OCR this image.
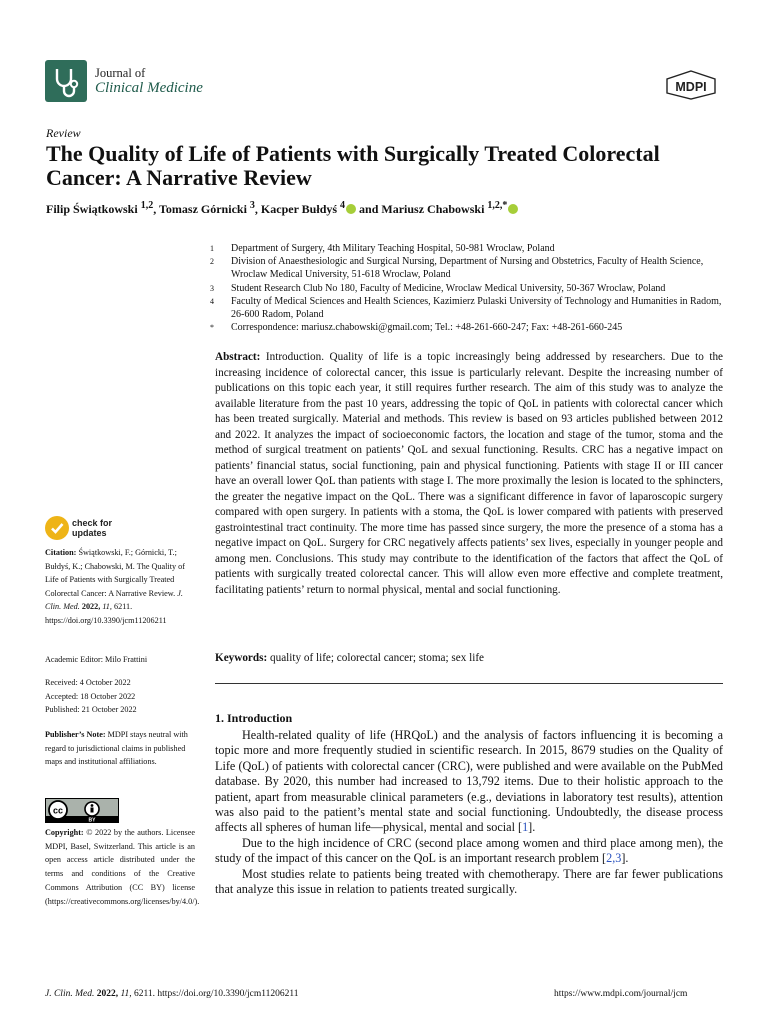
Journal of
Clinical Medicine	MDPI
Review
The Quality of Life of Patients with Surgically Treated Colorectal Cancer: A Narrative Review
Filip Świątkowski $^{1,2}$, Tomasz Górnicki $^3$, Kacper Bułdyś $^4$ and Mariusz Chabowski $^{1,2,*}$
1	Department of Surgery, 4th Military Teaching Hospital, 50-981 Wroclaw, Poland
2	Division of Anaesthesiologic and Surgical Nursing, Department of Nursing and Obstetrics, Faculty of Health Science, Wroclaw Medical University, 51-618 Wroclaw, Poland
3	Student Research Club No 180, Faculty of Medicine, Wroclaw Medical University, 50-367 Wroclaw, Poland
4	Faculty of Medical Sciences and Health Sciences, Kazimierz Pulaski University of Technology and Humanities in Radom, 26-600 Radom, Poland
*	Correspondence: mariusz.chabowski@gmail.com; Tel.: +48-261-660-247; Fax: +48-261-660-245
Abstract: Introduction. Quality of life is a topic increasingly being addressed by researchers. Due to the increasing incidence of colorectal cancer, this issue is particularly relevant. Despite the increasing number of publications on this topic each year, it still requires further research. The aim of this study was to analyze the available literature from the past 10 years, addressing the topic of QoL in patients with colorectal cancer which has been treated surgically. Material and methods. This review is based on 93 articles published between 2012 and 2022. It analyzes the impact of socioeconomic factors, the location and stage of the tumor, stoma and the method of surgical treatment on patients’ QoL and sexual functioning. Results. CRC has a negative impact on patients’ financial status, social functioning, pain and physical functioning. Patients with stage II or III cancer have an overall lower QoL than patients with stage I. The more proximally the lesion is located to the sphincters, the greater the negative impact on the QoL. There was a significant difference in favor of laparoscopic surgery compared with open surgery. In patients with a stoma, the QoL is lower compared with patients with preserved gastrointestinal tract continuity. The more time has passed since surgery, the more the presence of a stoma has a negative impact on QoL. Surgery for CRC negatively affects patients’ sex lives, especially in younger people and among men. Conclusions. This study may contribute to the identification of the factors that affect the QoL of patients with surgically treated colorectal cancer. This will allow even more effective and complete treatment, facilitating patients’ return to normal physical, mental and social functioning.
Keywords: quality of life; colorectal cancer; stoma; sex life
1. Introduction

Health-related quality of life (HRQoL) and the analysis of factors influencing it is becoming a topic more and more frequently studied in scientific research. In 2015, 8679 studies on the Quality of Life (QoL) of patients with colorectal cancer (CRC), were published and were available on the PubMed database. By 2020, this number had increased to 13,792 items. Due to their holistic approach to the patient, apart from measurable clinical parameters (e.g., deviations in laboratory test results), attention was also paid to the patient’s mental state and social functioning. Undoubtedly, the disease process affects all spheres of human life—physical, mental and social [1].

Due to the high incidence of CRC (second place among women and third place among men), the study of the impact of this cancer on the QoL is an important research problem [2,3].

Most studies relate to patients being treated with chemotherapy. There are far fewer publications that analyze this issue in relation to patients treated surgically.

check for
updates
Citation: Świątkowski, F.; Górnicki, T.; Bułdyś, K.; Chabowski, M. The Quality of Life of Patients with Surgically Treated Colorectal Cancer: A Narrative Review. J. Clin. Med. 2022, 11, 6211. https://doi.org/10.3390/jcm11206211
Academic Editor: Milo Frattini
Received: 4 October 2022
Accepted: 18 October 2022
Published: 21 October 2022
Publisher’s Note: MDPI stays neutral with regard to jurisdictional claims in published maps and institutional affiliations.
cc
BY
Copyright: © 2022 by the authors. Licensee MDPI, Basel, Switzerland. This article is an open access article distributed under the terms and conditions of the Creative Commons Attribution (CC BY) license (https://creativecommons.org/licenses/by/4.0/).
J. Clin. Med. 2022, 11, 6211. https://doi.org/10.3390/jcm11206211	https://www.mdpi.com/journal/jcm
